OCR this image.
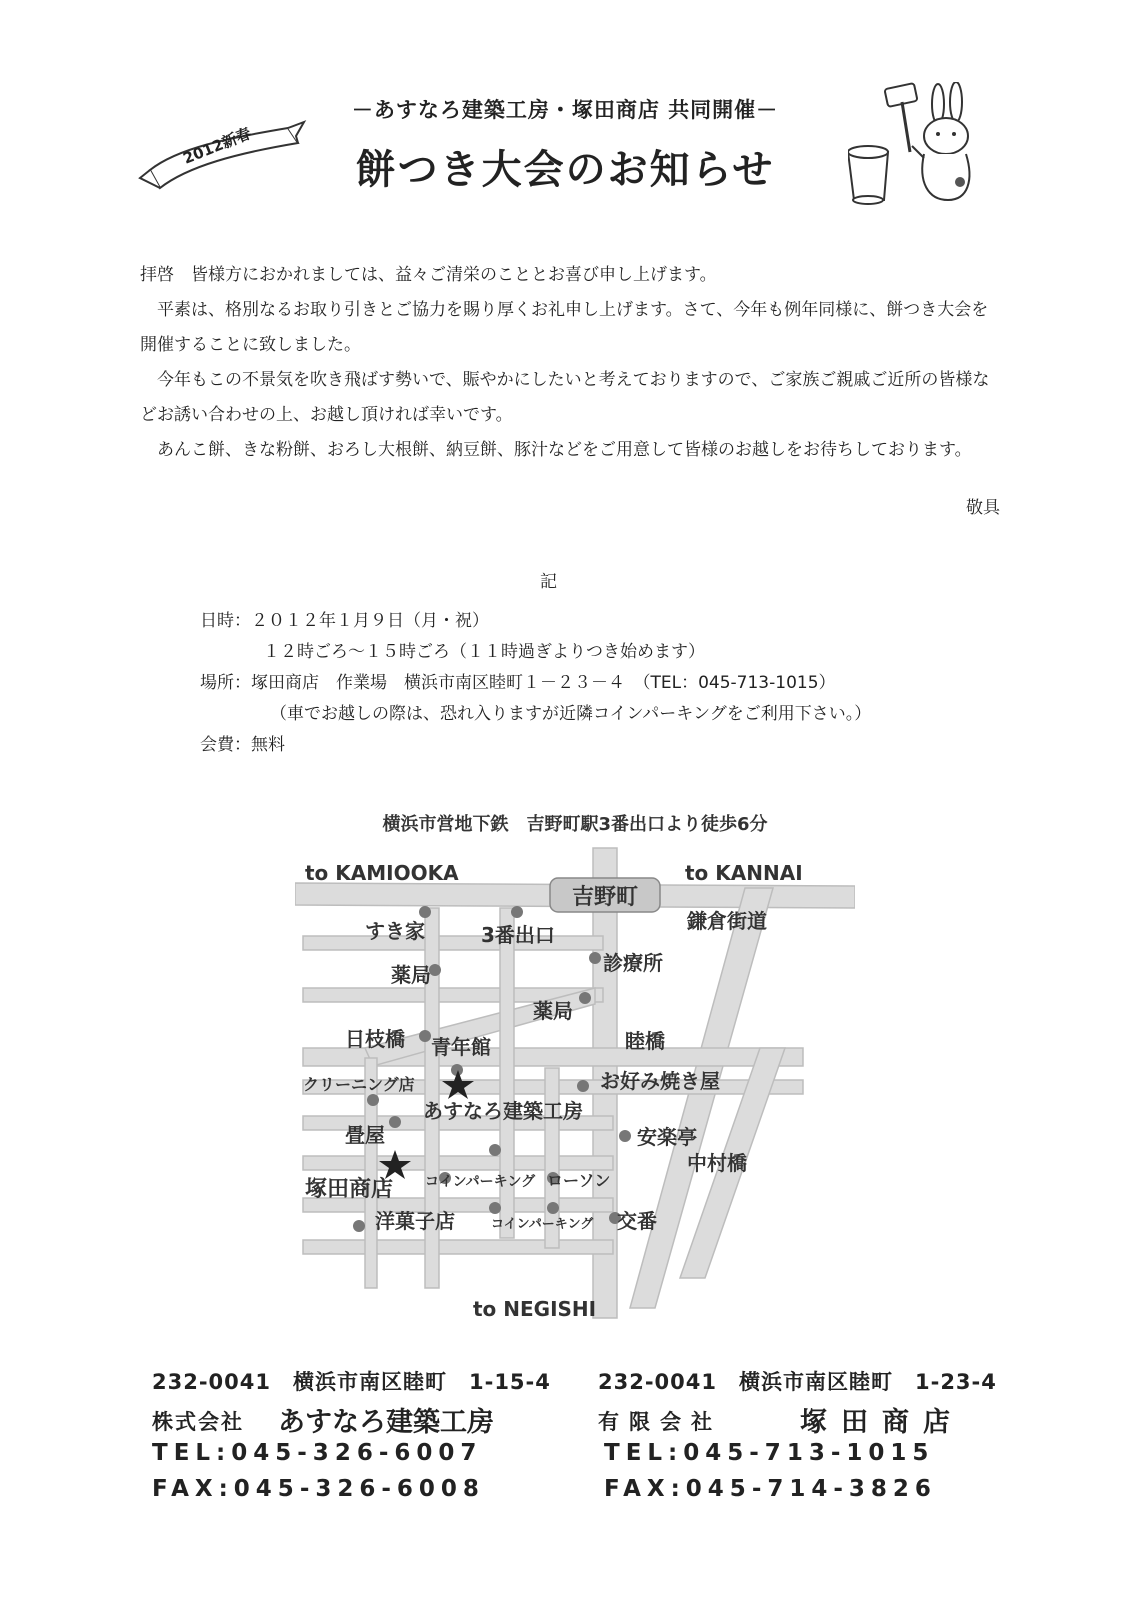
2012新春
－あすなろ建築工房・塚田商店 共同開催－
餅つき大会のお知らせ

拝啓　皆様方におかれましては、益々ご清栄のこととお喜び申し上げます。

平素は、格別なるお取り引きとご協力を賜り厚くお礼申し上げます。さて、今年も例年同様に、餅つき大会を開催することに致しました。

今年もこの不景気を吹き飛ばす勢いで、賑やかにしたいと考えておりますので、ご家族ご親戚ご近所の皆様などお誘い合わせの上、お越し頂ければ幸いです。

あんこ餅、きな粉餅、おろし大根餅、納豆餅、豚汁などをご用意して皆様のお越しをお待ちしております。

敬具
記
日時：２０１２年１月９日（月・祝）
１２時ごろ～１５時ごろ（１１時過ぎよりつき始めます）
場所：塚田商店　作業場　横浜市南区睦町１－２３－４　（TEL：045-713-1015）
（車でお越しの際は、恐れ入りますが近隣コインパーキングをご利用下さい。）
会費：無料
横浜市営地下鉄　吉野町駅3番出口より徒歩6分
to KAMIOOKA	to KANNAI
to NEGISHI
吉野町
鎌倉街道
すき家	3番出口
診療所
薬局
薬局
日枝橋 青年館	睦橋
クリーニング店	お好み焼き屋
あすなろ建築工房
畳屋	安楽亭
中村橋
塚田商店 コインパーキング ローソン
洋菓子店	コインパーキング 交番
232-0041　横浜市南区睦町　1-15-4
株式会社 あすなろ建築工房
TEL:045-326-6007
FAX:045-326-6008
232-0041　横浜市南区睦町　1-23-4
有限会社	塚田商店
TEL:045-713-1015
FAX:045-714-3826
